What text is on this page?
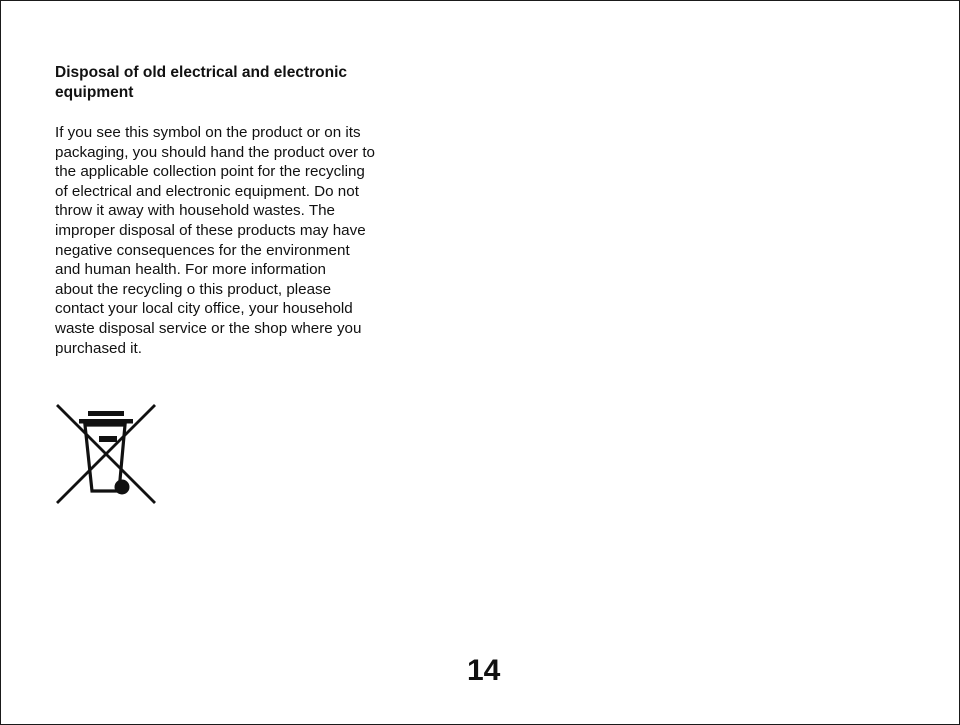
Disposal of old electrical and electronic
equipment

If you see this symbol on the product or on its
packaging, you should hand the product over to
the applicable collection point for the recycling
of electrical and electronic equipment. Do not
throw it away with household wastes. The
improper disposal of these products may have
negative consequences for the environment
and human health. For more information
about the recycling o this product, please
contact your local city office, your household
waste disposal service or the shop where you
purchased it.

14
